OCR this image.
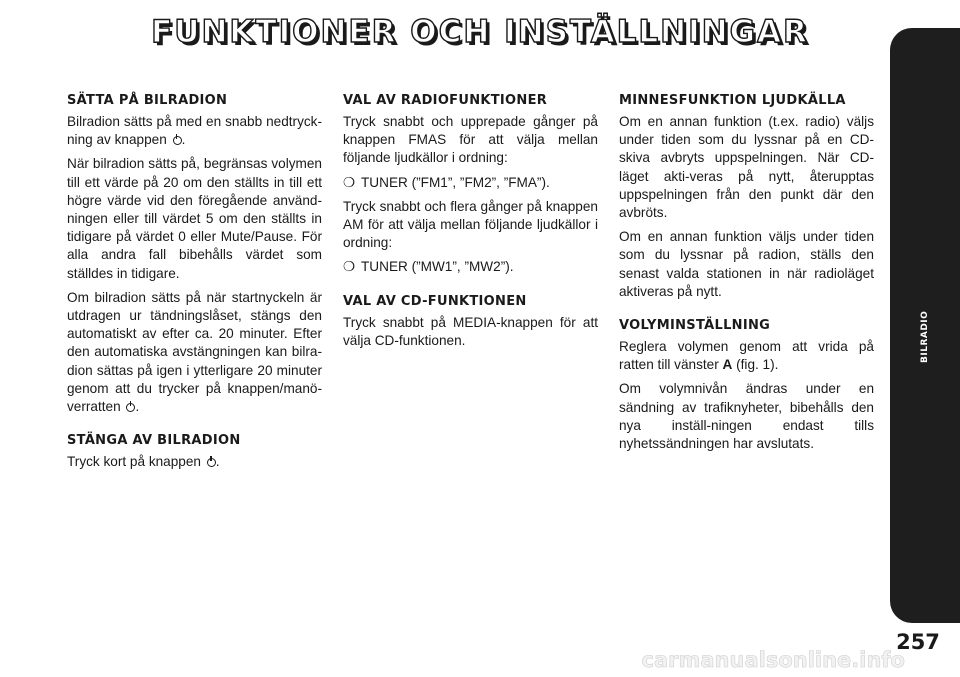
FUNKTIONER OCH INSTÄLLNINGAR
SÄTTA PÅ BILRADION

Bilradion sätts på med en snabb nedtryck-ning av knappen .

När bilradion sätts på, begränsas volymen till ett värde på 20 om den ställts in till ett högre värde vid den föregående använd-ningen eller till värdet 5 om den ställts in tidigare på värdet 0 eller Mute/Pause. För alla andra fall bibehålls värdet som ställdes in tidigare.

Om bilradion sätts på när startnyckeln är utdragen ur tändningslåset, stängs den automatiskt av efter ca. 20 minuter. Efter den automatiska avstängningen kan bilra-dion sättas på igen i ytterligare 20 minuter genom att du trycker på knappen/manö-verratten .

STÄNGA AV BILRADION

Tryck kort på knappen .

VAL AV RADIOFUNKTIONER

Tryck snabbt och upprepade gånger på knappen FMAS för att välja mellan följande ljudkällor i ordning:

❍ TUNER (”FM1”, ”FM2”, ”FMA”).

Tryck snabbt och flera gånger på knappen AM för att välja mellan följande ljudkällor i ordning:

❍ TUNER (”MW1”, ”MW2”).
VAL AV CD-FUNKTIONEN

Tryck snabbt på MEDIA-knappen för att välja CD-funktionen.

MINNESFUNKTION LJUDKÄLLA

Om en annan funktion (t.ex. radio) väljs under tiden som du lyssnar på en CD-skiva avbryts uppspelningen. När CD-läget akti-veras på nytt, återupptas uppspelningen från den punkt där den avbröts.

Om en annan funktion väljs under tiden som du lyssnar på radion, ställs den senast valda stationen in när radioläget aktiveras på nytt.

VOLYMINSTÄLLNING

Reglera volymen genom att vrida på ratten till vänster A (fig. 1).

Om volymnivån ändras under en sändning av trafiknyheter, bibehålls den nya inställ-ningen endast tills nyhetssändningen har avslutats.

BILRADIO
257
carmanualsonline.info
